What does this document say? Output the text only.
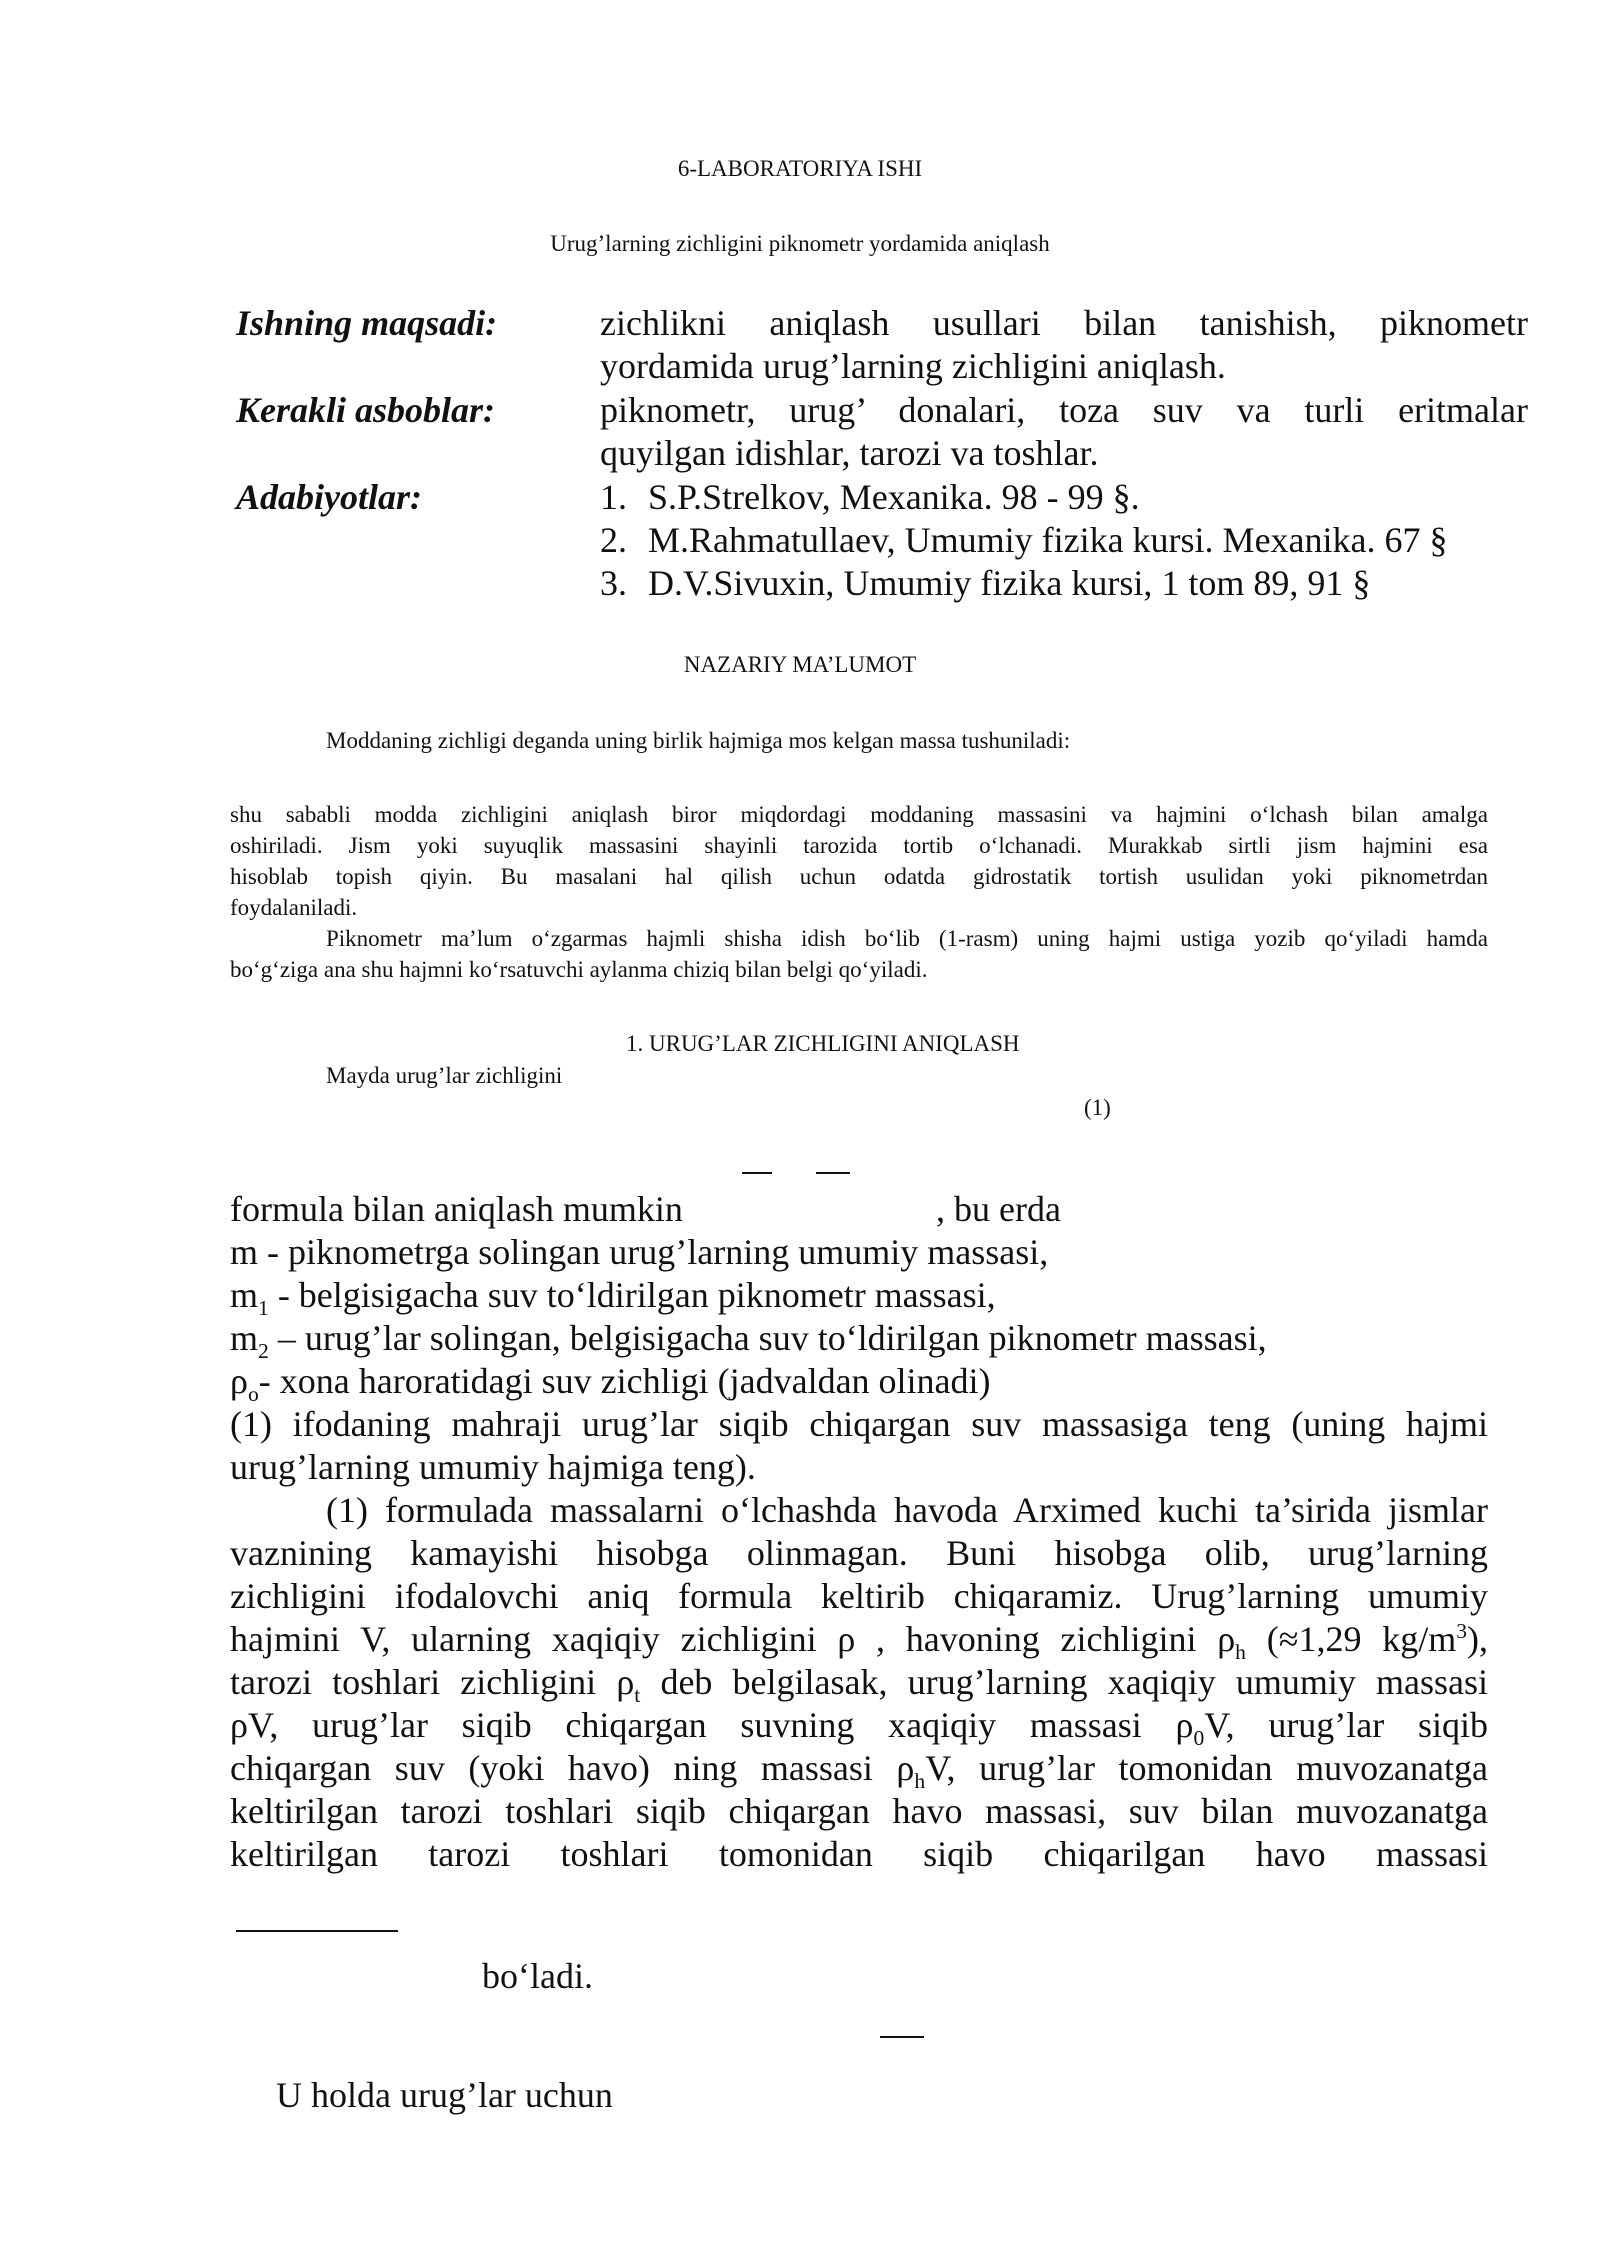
6-LABORATORIYA ISHI
Urug’larning zichligini piknometr yordamida aniqlash
Ishning maqsadi:	zichlikni aniqlash usullari bilan tanishish, piknometr
yordamida urug’larning zichligini aniqlash.
Kerakli asboblar:	piknometr, urug’ donalari, toza suv va turli eritmalar
quyilgan idishlar, tarozi va toshlar.
Adabiyotlar:	1. S.P.Strelkov, Mexanika. 98 - 99 §.
2. M.Rahmatullaev, Umumiy fizika kursi. Mexanika. 67 §
3. D.V.Sivuxin, Umumiy fizika kursi, 1 tom 89, 91 §
NAZARIY MA’LUMOT
Moddaning zichligi deganda uning birlik hajmiga mos kelgan massa tushuniladi:
shu sababli modda zichligini aniqlash biror miqdordagi moddaning massasini va hajmini o‘lchash bilan amalga
oshiriladi. Jism yoki suyuqlik massasini shayinli tarozida tortib o‘lchanadi. Murakkab sirtli jism hajmini esa
hisoblab topish qiyin. Bu masalani hal qilish uchun odatda gidrostatik tortish usulidan yoki piknometrdan
foydalaniladi.
Piknometr ma’lum o‘zgarmas hajmli shisha idish bo‘lib (1-rasm) uning hajmi ustiga yozib qo‘yiladi hamda
bo‘g‘ziga ana shu hajmni ko‘rsatuvchi aylanma chiziq bilan belgi qo‘yiladi.
1. URUG’LAR ZICHLIGINI ANIQLASH
Mayda urug’lar zichligini
(1)
formula bilan aniqlash mumkin	, bu erda
m - piknometrga solingan urug’larning umumiy massasi,
$m_1$ - belgisigacha suv to‘ldirilgan piknometr massasi,
$m_2$ – urug’lar solingan, belgisigacha suv to‘ldirilgan piknometr massasi,
$\rho_o-$ xona haroratidagi suv zichligi (jadvaldan olinadi)
(1) ifodaning mahraji urug’lar siqib chiqargan suv massasiga teng (uning hajmi
urug’larning umumiy hajmiga teng).
(1) formulada massalarni o‘lchashda havoda Arximed kuchi ta’sirida jismlar
vaznining kamayishi hisobga olinmagan. Buni hisobga olib, urug’larning
zichligini ifodalovchi aniq formula keltirib chiqaramiz. Urug’larning umumiy
hajmini V, ularning xaqiqiy zichligini ρ , havoning zichligini $\rho_h$ (≈1,29 $kg/m^3$),
tarozi toshlari zichligini $\rho_t$ deb belgilasak, urug’larning xaqiqiy umumiy massasi
ρV, urug’lar siqib chiqargan suvning xaqiqiy massasi $\rho_0V$, urug’lar siqib
chiqargan suv (yoki havo) ning massasi $\rho_hV$, urug’lar tomonidan muvozanatga
keltirilgan tarozi toshlari siqib chiqargan havo massasi, suv bilan muvozanatga
keltirilgan tarozi toshlari tomonidan siqib chiqarilgan havo massasi
bo‘ladi.
U holda urug’lar uchun
